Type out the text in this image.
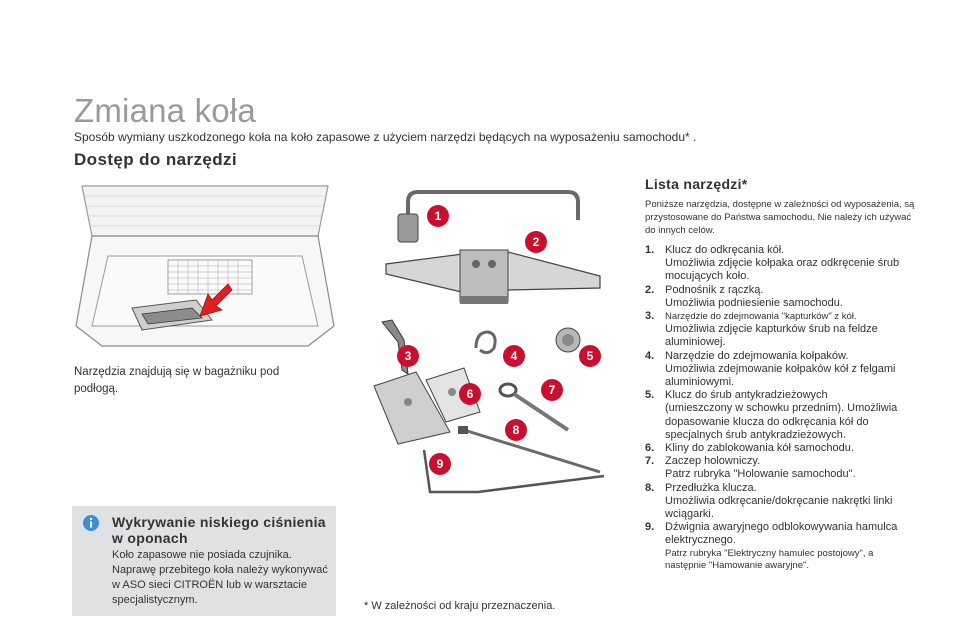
Zmiana koła
Sposób wymiany uszkodzonego koła na koło zapasowe z użyciem narzędzi będących na wyposażeniu samochodu* .
Dostęp do narzędzi
Narzędzia znajdują się w bagażniku pod podłogą.
Wykrywanie niskiego ciśnienia w oponach
Koło zapasowe nie posiada czujnika. Naprawę przebitego koła należy wykonywać w ASO sieci CITROËN lub w warsztacie specjalistycznym.
1
2
3	4	5
6	7
8
9
* W zależności od kraju przeznaczenia.
Lista narzędzi*
Poniższe narzędzia, dostępne w zależności od wyposażenia, są przystosowane do Państwa samochodu. Nie należy ich używać do innych celów.
1. Klucz do odkręcania kół.
Umożliwia zdjęcie kołpaka oraz odkręcenie śrub mocujących koło.
2. Podnośnik z rączką.
Umożliwia podniesienie samochodu.
3. Narzędzie do zdejmowania "kapturków" z kół.
Umożliwia zdjęcie kapturków śrub na feldze aluminiowej.
4. Narzędzie do zdejmowania kołpaków.
Umożliwia zdejmowanie kołpaków kół z felgami aluminiowymi.
5. Klucz do śrub antykradzieżowych
(umieszczony w schowku przednim). Umożliwia dopasowanie klucza do odkręcania kół do specjalnych śrub antykradzieżowych.
6. Kliny do zablokowania kół samochodu.
7. Zaczep holowniczy.
Patrz rubryka "Holowanie samochodu".
8. Przedłużka klucza.
Umożliwia odkręcanie/dokręcanie nakrętki linki wciągarki.
9. Dźwignia awaryjnego odblokowywania hamulca elektrycznego.
Patrz rubryka "Elektryczny hamulec postojowy", a następnie "Hamowanie awaryjne".
